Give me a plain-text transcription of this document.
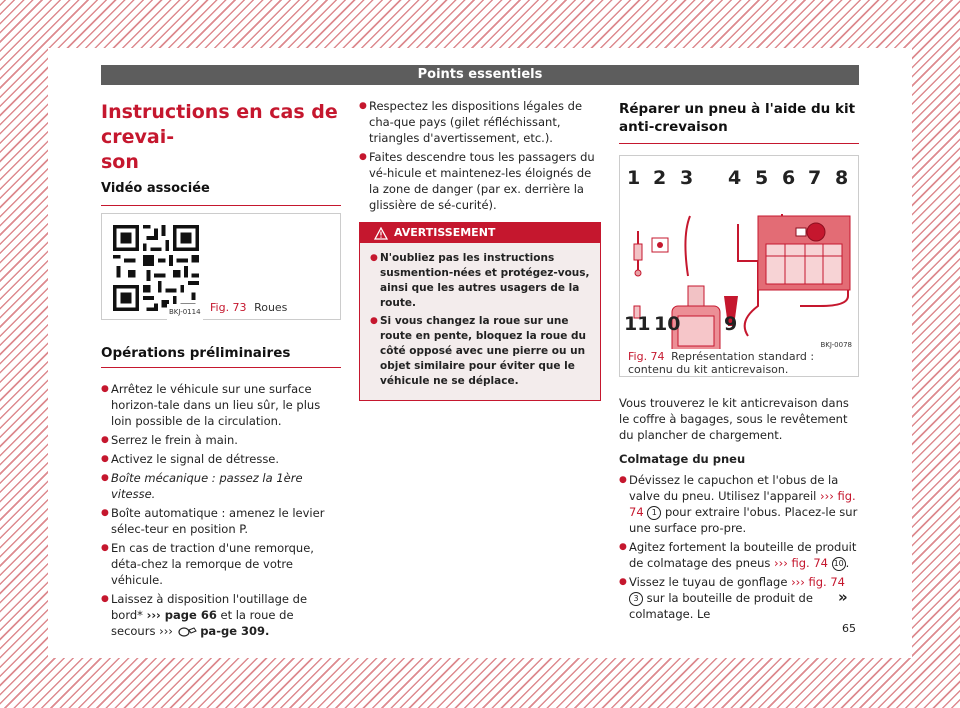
Points essentiels
Instructions en cas de crevai-
son
Vidéo associée
BKJ-0114 Fig. 73 Roues
Opérations préliminaires
● Arrêtez le véhicule sur une surface horizon-tale dans un lieu sûr, le plus loin possible de la circulation.
● Serrez le frein à main.
● Activez le signal de détresse.
● Boîte mécanique : passez la 1ère vitesse.
● Boîte automatique : amenez le levier sélec-teur en position P.
● En cas de traction d'une remorque, déta-chez la remorque de votre véhicule.
● Laissez à disposition l'outillage de bord* ››› page 66 et la roue de secours ›››  pa-ge 309.
● Respectez les dispositions légales de cha-que pays (gilet réfléchissant, triangles d'avertissement, etc.).
● Faites descendre tous les passagers du vé-hicule et maintenez-les éloignés de la zone de danger (par ex. derrière la glissière de sé-curité).
AVERTISSEMENT
● N'oubliez pas les instructions susmention-nées et protégez-vous, ainsi que les autres usagers de la route.
● Si vous changez la roue sur une route en pente, bloquez la roue du côté opposé avec une pierre ou un objet similaire pour éviter que le véhicule ne se déplace.
Réparer un pneu à l'aide du kit anti-crevaison
1 2 3 4 5 6 7 8
9
10
11
BKJ-0078
Fig. 74 Représentation standard : contenu du kit anticrevaison.

Vous trouverez le kit anticrevaison dans le coffre à bagages, sous le revêtement du plancher de chargement.

Colmatage du pneu
● Dévissez le capuchon et l'obus de la valve du pneu. Utilisez l'appareil ››› fig. 74 1 pour extraire l'obus. Placez-le sur une surface pro-pre.
● Agitez fortement la bouteille de produit de colmatage des pneus ››› fig. 74 10 .
● Vissez le tuyau de gonflage ››› fig. 74 3 sur la bouteille de produit de colmatage. Le
»
65
